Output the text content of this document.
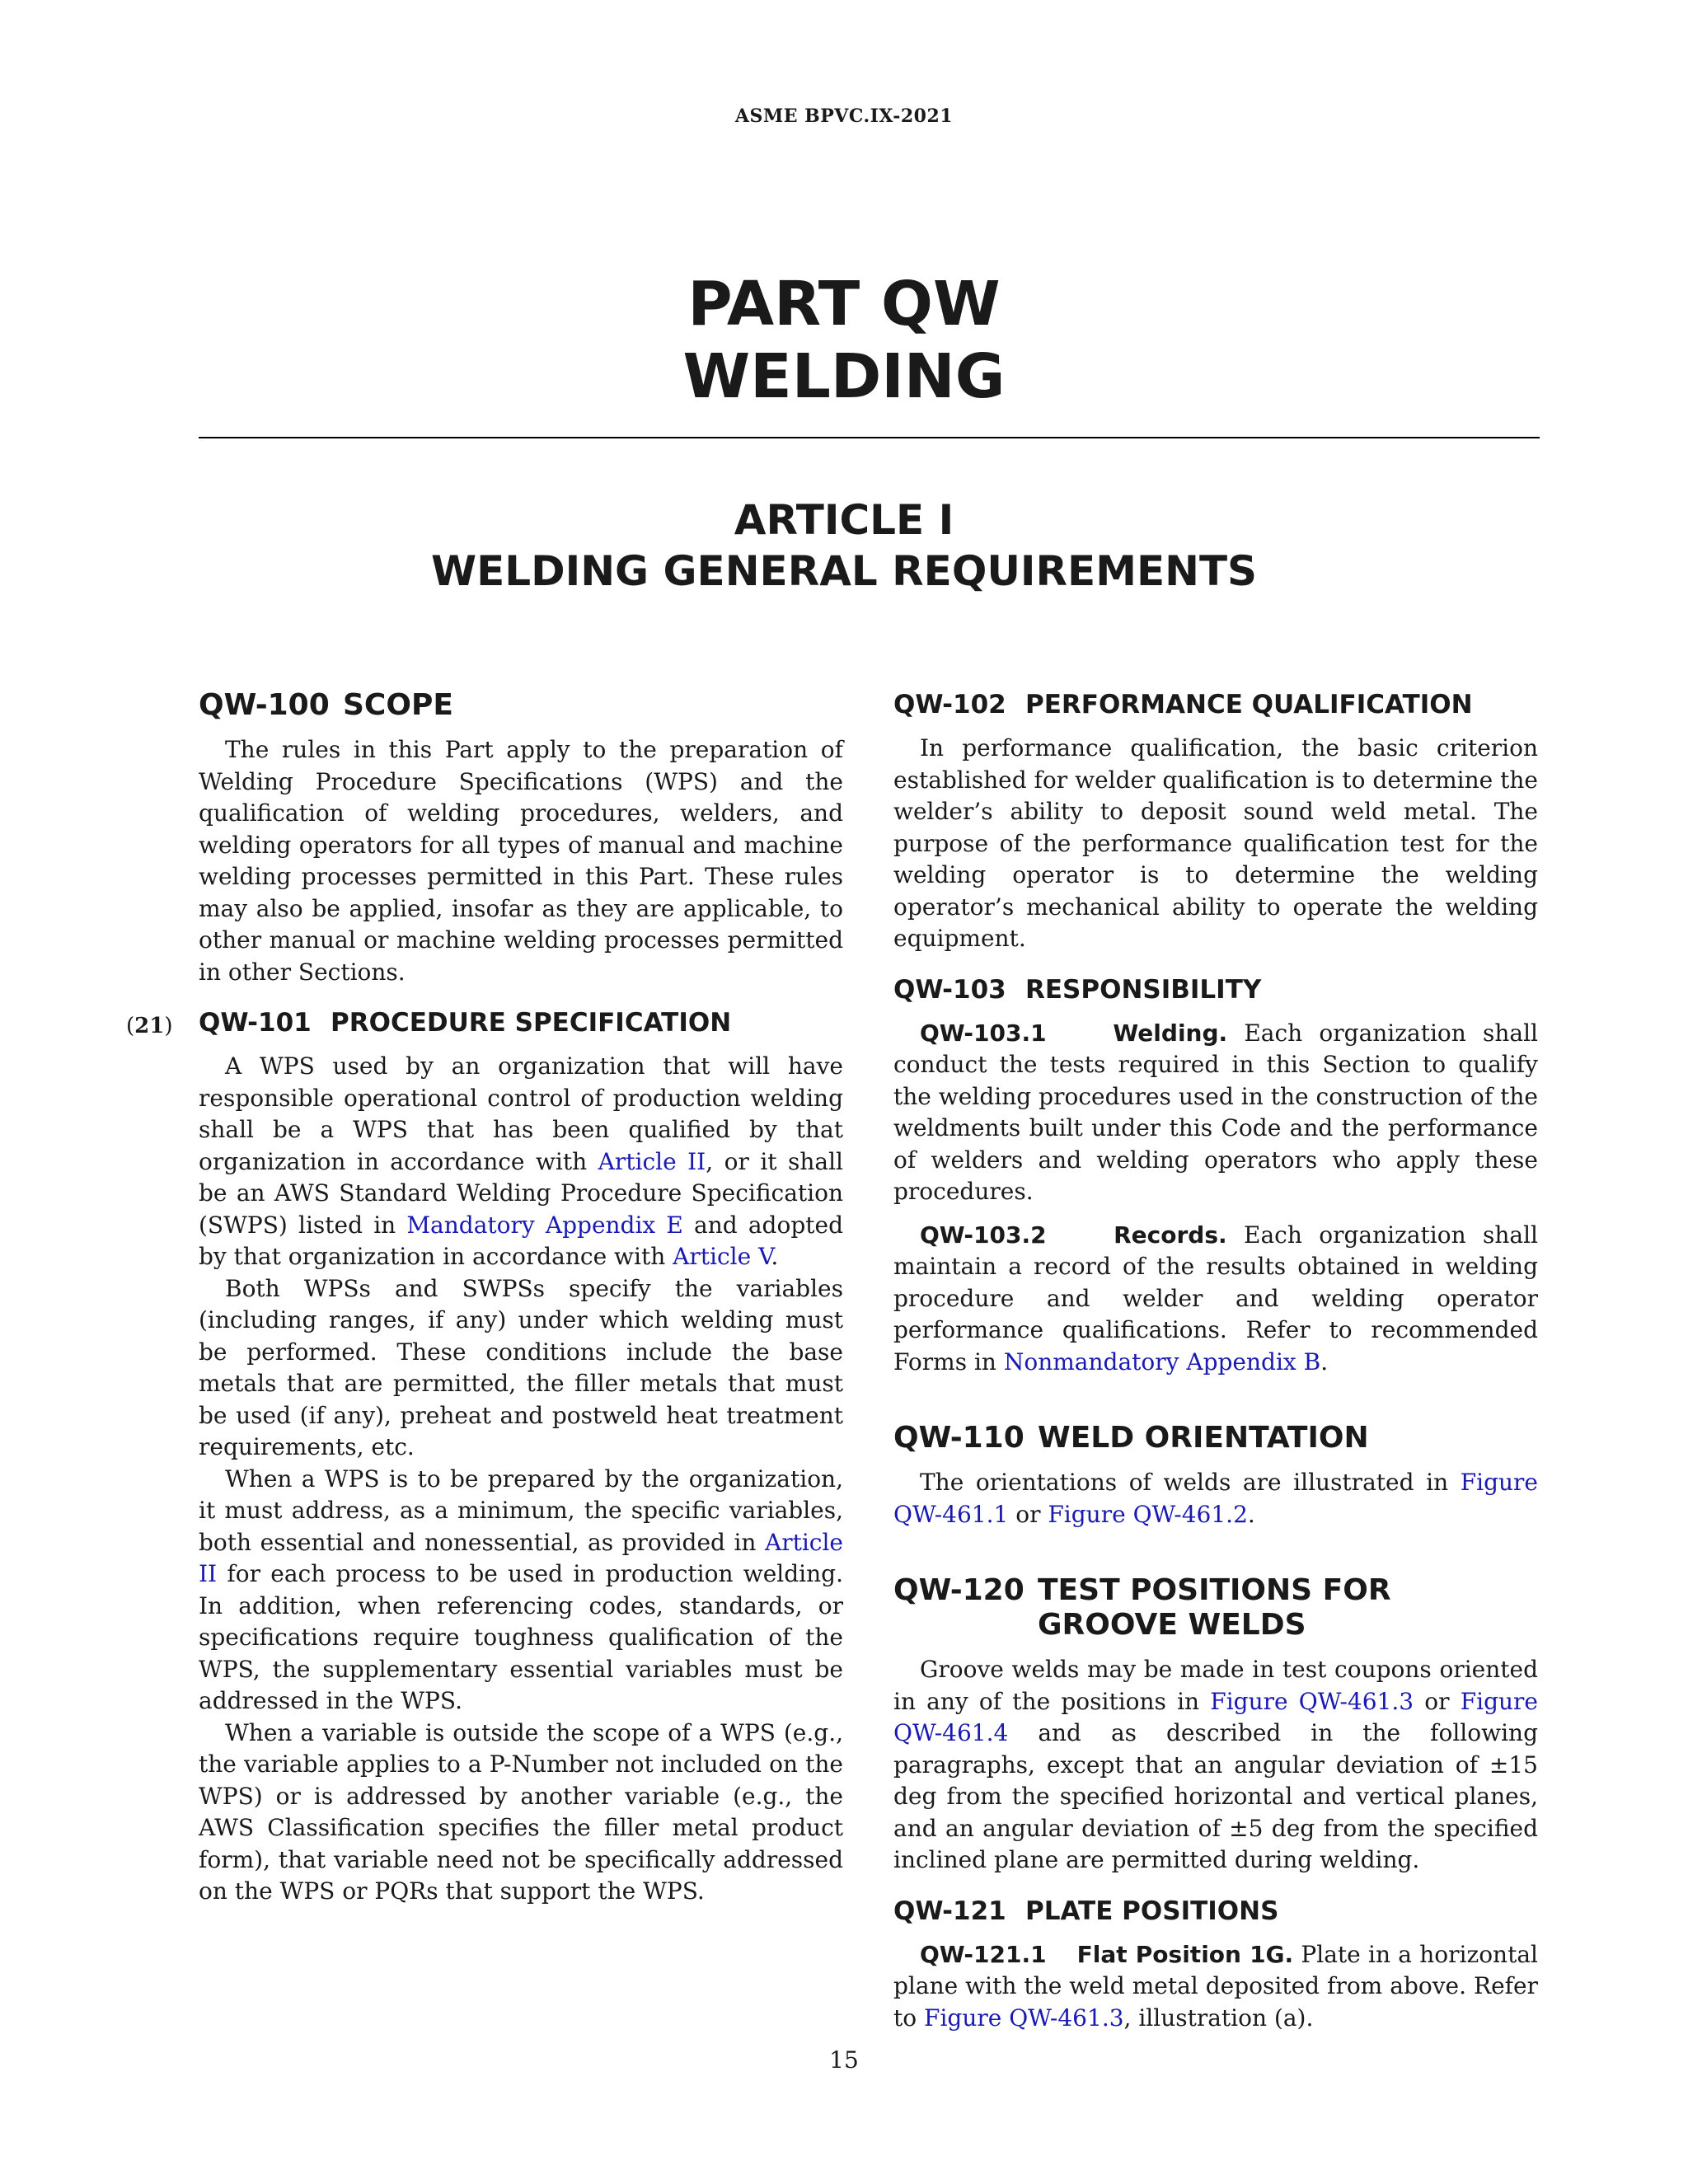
ASME BPVC.IX-2021
PART QW
WELDING
ARTICLE I
WELDING GENERAL REQUIREMENTS
QW-100 SCOPE

The rules in this Part apply to the preparation of Welding Procedure Specifications (WPS) and the qualification of welding procedures, welders, and welding operators for all types of manual and machine welding processes permitted in this Part. These rules may also be applied, insofar as they are applicable, to other manual or machine welding processes permitted in other Sections.

(21) QW-101 PROCEDURE SPECIFICATION

A WPS used by an organization that will have responsible operational control of production welding shall be a WPS that has been qualified by that organization in accordance with Article II, or it shall be an AWS Standard Welding Procedure Specification (SWPS) listed in Mandatory Appendix E and adopted by that organization in accordance with Article V.

Both WPSs and SWPSs specify the variables (including ranges, if any) under which welding must be performed. These conditions include the base metals that are permitted, the filler metals that must be used (if any), preheat and postweld heat treatment requirements, etc.

When a WPS is to be prepared by the organization, it must address, as a minimum, the specific variables, both essential and nonessential, as provided in Article II for each process to be used in production welding. In addition, when referencing codes, standards, or specifications require toughness qualification of the WPS, the supplementary essential variables must be addressed in the WPS.

When a variable is outside the scope of a WPS (e.g., the variable applies to a P-Number not included on the WPS) or is addressed by another variable (e.g., the AWS Classification specifies the filler metal product form), that variable need not be specifically addressed on the WPS or PQRs that support the WPS.

QW-102 PERFORMANCE QUALIFICATION

In performance qualification, the basic criterion established for welder qualification is to determine the welder’s ability to deposit sound weld metal. The purpose of the performance qualification test for the welding operator is to determine the welding operator’s mechanical ability to operate the welding equipment.

QW-103 RESPONSIBILITY

QW-103.1	Welding. Each organization shall conduct the tests required in this Section to qualify the welding procedures used in the construction of the weldments built under this Code and the performance of welders and welding operators who apply these procedures.

QW-103.2	Records. Each organization shall maintain a record of the results obtained in welding procedure and welder and welding operator performance qualifications. Refer to recommended Forms in Nonmandatory Appendix B.

QW-110 WELD ORIENTATION

The orientations of welds are illustrated in Figure QW-461.1 or Figure QW-461.2.

QW-120 TEST POSITIONS FOR GROOVE WELDS

Groove welds may be made in test coupons oriented in any of the positions in Figure QW-461.3 or Figure QW-461.4 and as described in the following paragraphs, except that an angular deviation of ±15 deg from the specified horizontal and vertical planes, and an angular deviation of ±5 deg from the specified inclined plane are permitted during welding.

QW-121 PLATE POSITIONS

QW-121.1 Flat Position 1G. Plate in a horizontal plane with the weld metal deposited from above. Refer to Figure QW-461.3, illustration (a).

15
